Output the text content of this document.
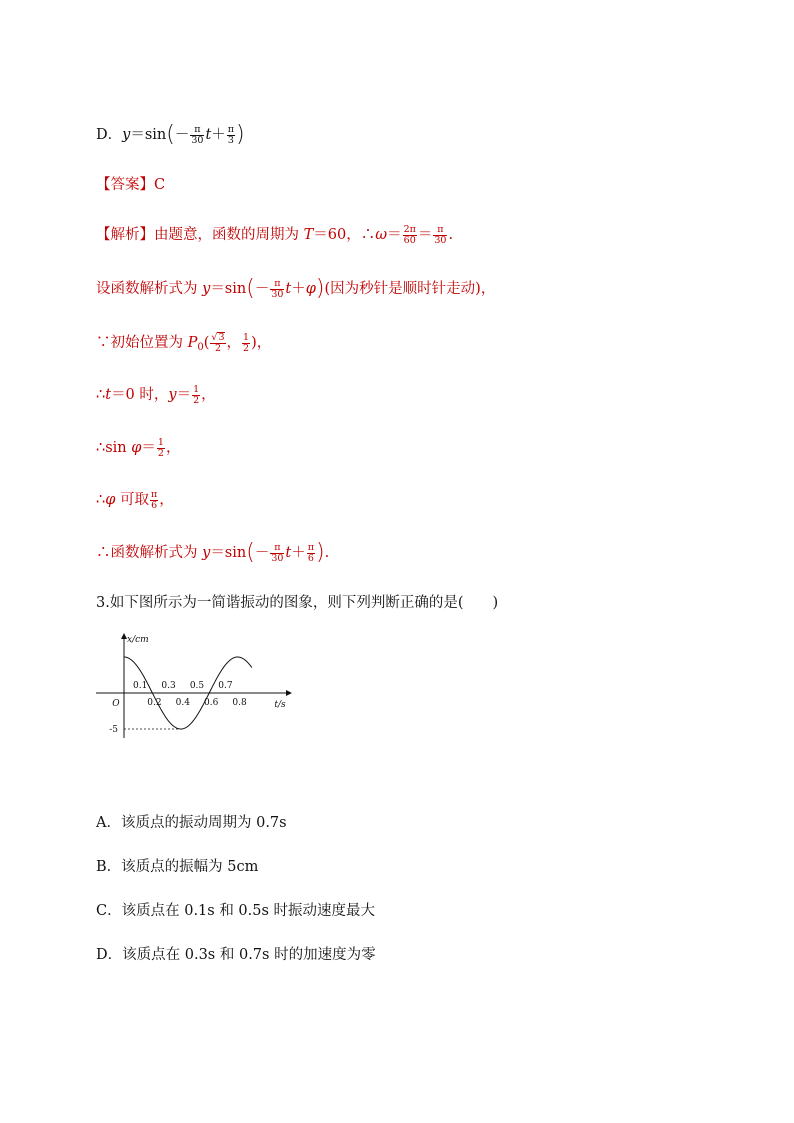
D．$y=\sin(- \frac{\pi}{30} t+ \frac{\pi}{3}$ )
【答案】C
【解析】由题意，函数的周期为 T＝60，∴ω＝ $\frac{2\pi}{60} = \frac{\pi}{30}$ .
设函数解析式为 $y=\sin(- \frac{\pi}{30} t+\varphi)$(因为秒针是顺时针走动)，
∵初始位置为 $P_0( \frac{√3}{2}$ ， $\frac{1}{2}$ )，
∴t＝0 时，$y= \frac{1}{2}$ ，
∴sin $\varphi= \frac{1}{2}$ ，
∴φ 可取 $\frac{\pi}{6}$ ，
∴函数解析式为 $y=\sin(- \frac{\pi}{30} t+ \frac{\pi}{6}$ ).
3.如下图所示为一简谐振动的图象，则下列判断正确的是(　　)
x/cm
t/s
O
0.1 0.3 0.5 0.7
0.2 0.4 0.6 0.8
-5
A．该质点的振动周期为 0.7s
B．该质点的振幅为 5cm
C．该质点在 0.1s 和 0.5s 时振动速度最大
D．该质点在 0.3s 和 0.7s 时的加速度为零
